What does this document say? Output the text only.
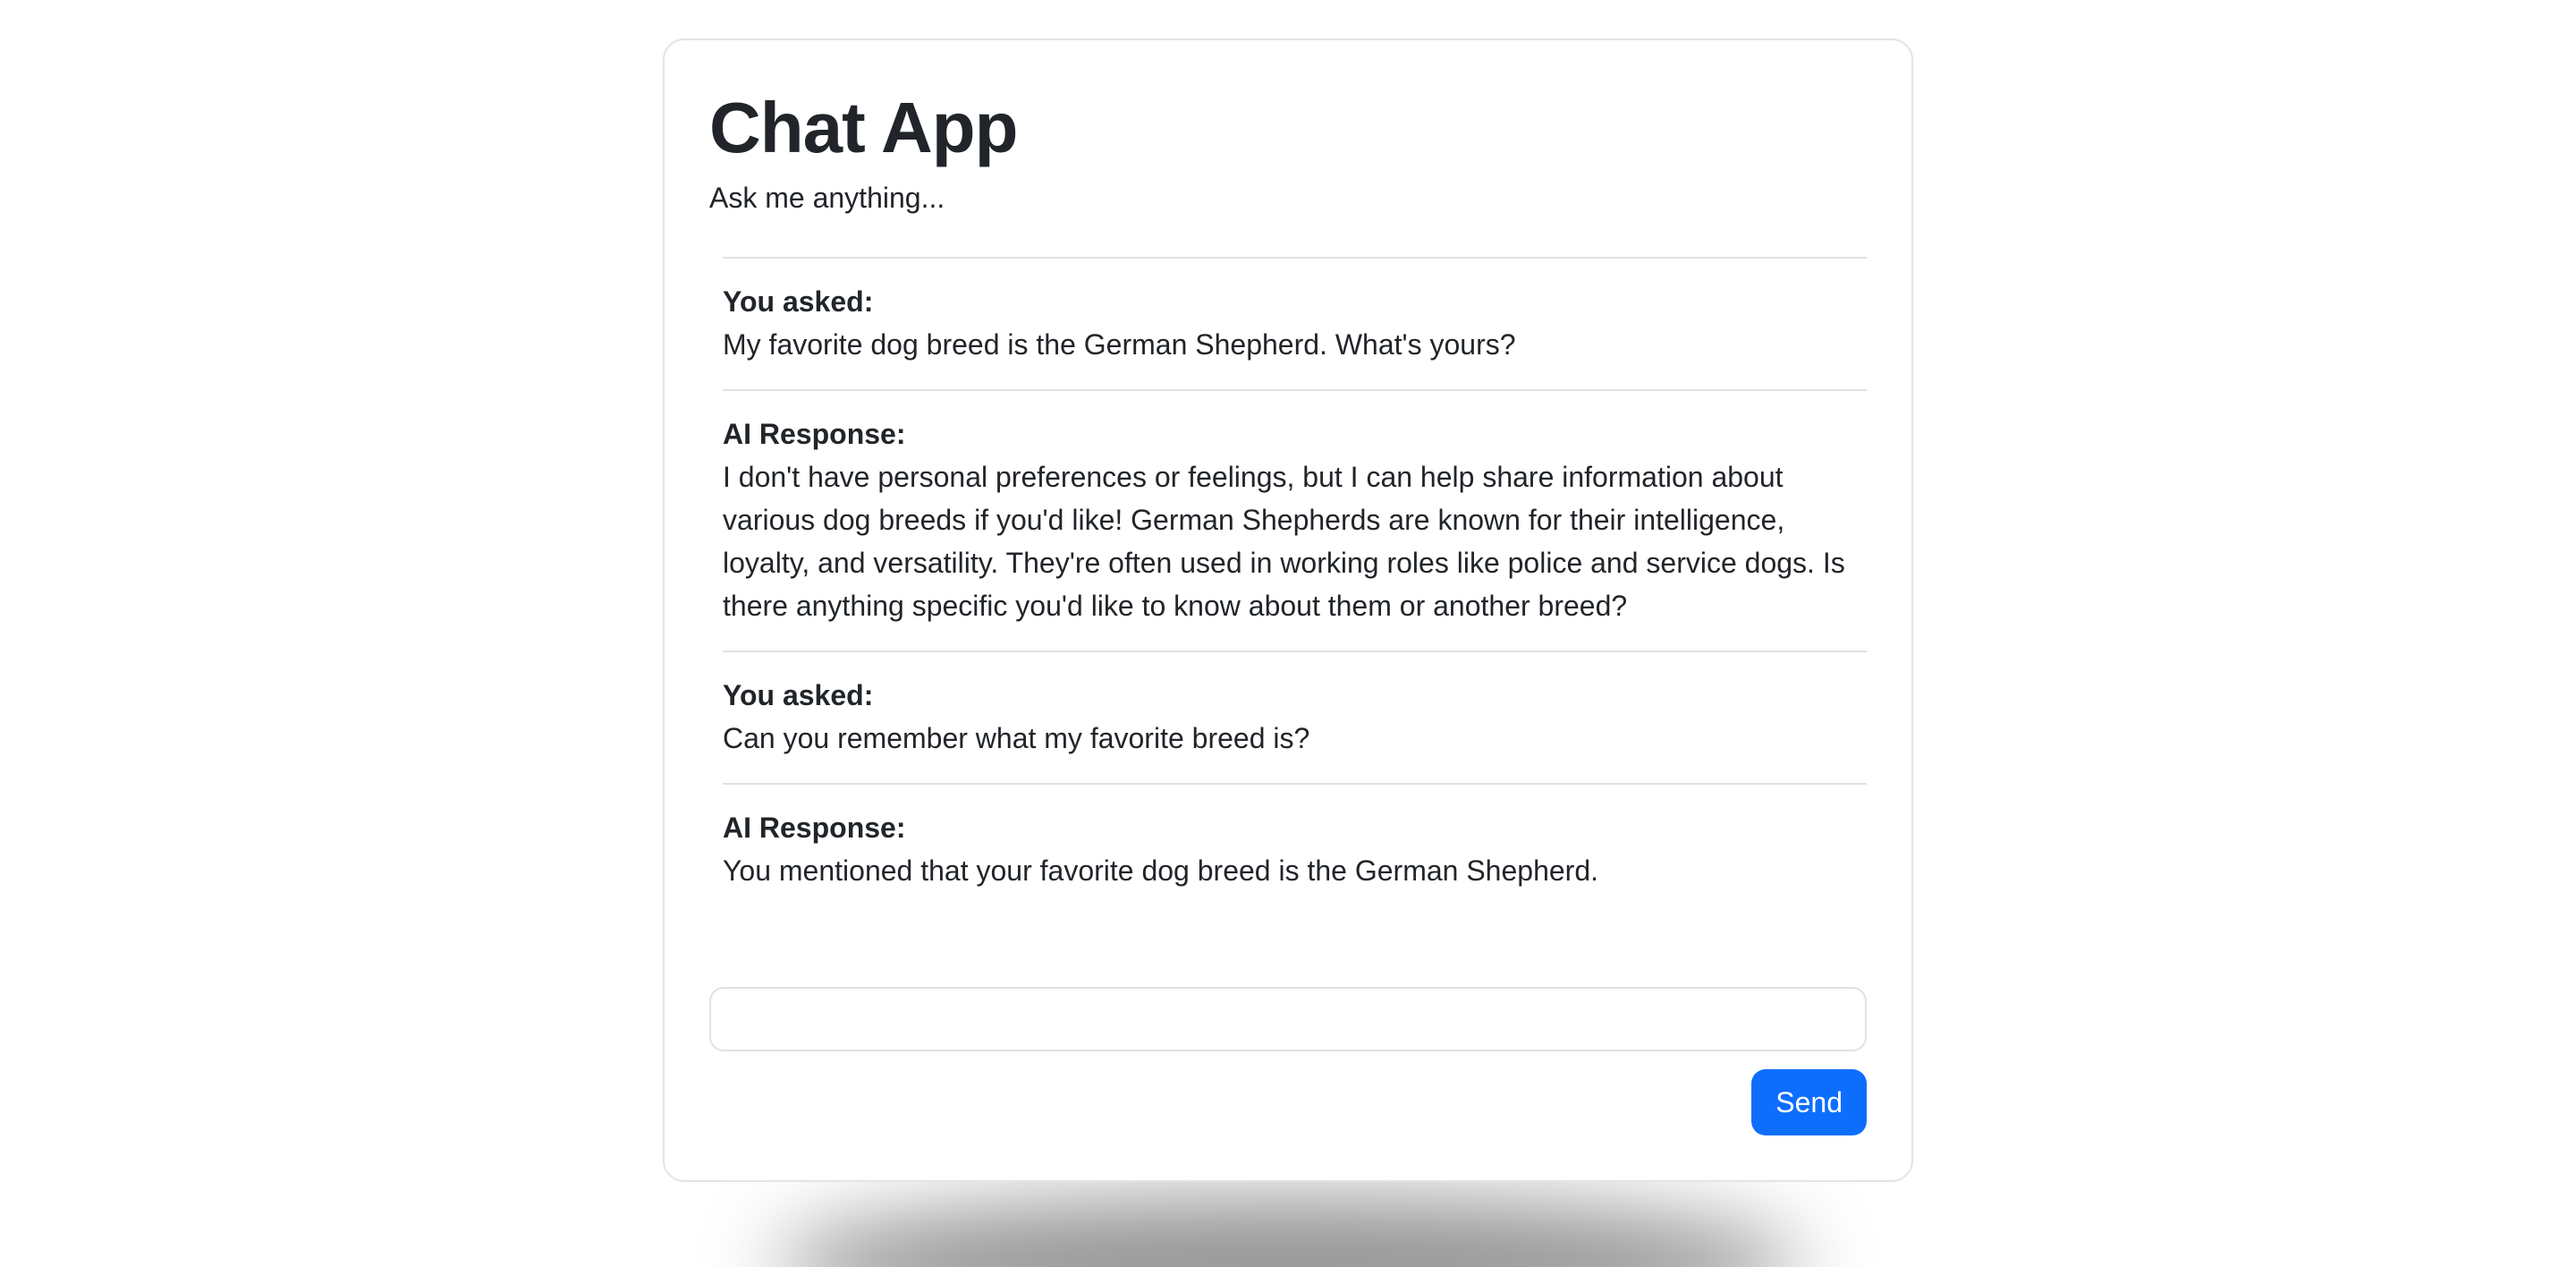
Chat App

Ask me anything...

You asked:
My favorite dog breed is the German Shepherd. What's yours?
AI Response:
I don't have personal preferences or feelings, but I can help share information about various dog breeds if you'd like! German Shepherds are known for their intelligence, loyalty, and versatility. They're often used in working roles like police and service dogs. Is there anything specific you'd like to know about them or another breed?
You asked:
Can you remember what my favorite breed is?
AI Response:
You mentioned that your favorite dog breed is the German Shepherd.
Send
